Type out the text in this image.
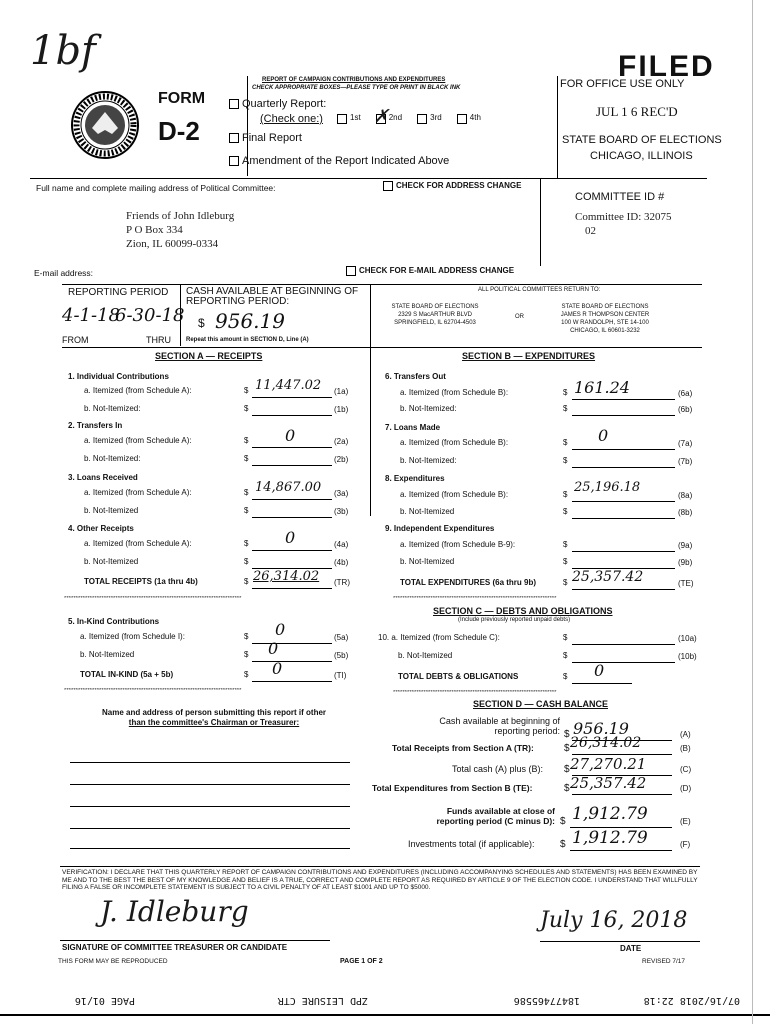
1bf
FORM
D-2
REPORT OF CAMPAIGN CONTRIBUTIONS AND EXPENDITURES
CHECK APPROPRIATE BOXES—PLEASE TYPE OR PRINT IN BLACK INK
Quarterly Report:
(Check one:)	$^{1st}$ ✗ $^{2nd}$	$^{3rd}$	$^{4th}$
Final Report
Amendment of the Report Indicated Above
FILED
FOR OFFICE USE ONLY
JUL 1 6 REC'D
STATE BOARD OF ELECTIONS
CHICAGO, ILLINOIS
Full name and complete mailing address of Political Committee:	CHECK FOR ADDRESS CHANGE
Friends of John Idleburg
P O Box 334
Zion, IL 60099-0334
COMMITTEE ID #
Committee ID: 32075
02
E-mail address:	CHECK FOR E-MAIL ADDRESS CHANGE
REPORTING PERIOD
4-1-18
6-30-18
FROM	THRU
CASH AVAILABLE AT BEGINNING OF REPORTING PERIOD:
$ 956.19
Repeat this amount in SECTION D, Line (A)
ALL POLITICAL COMMITTEES RETURN TO:
STATE BOARD OF ELECTIONS
2329 S MacARTHUR BLVD
SPRINGFIELD, IL 62704-4503
OR
STATE BOARD OF ELECTIONS
JAMES R THOMPSON CENTER
100 W RANDOLPH, STE 14-100
CHICAGO, IL 60601-3232
SECTION A — RECEIPTS
1. Individual Contributions
a. Itemized (from Schedule A):	$ 11,447.02 (1a)
b. Not-Itemized:	$	(1b)
2. Transfers In
a. Itemized (from Schedule A):	$ 0	(2a)
b. Not-Itemized:	$	(2b)
3. Loans Received
a. Itemized (from Schedule A):	$ 14,867.00 (3a)
b. Not-Itemized	$	(3b)
4. Other Receipts
a. Itemized (from Schedule A):	$ 0	(4a)
b. Not-Itemized	$	(4b)
TOTAL RECEIPTS (1a thru 4b)	$ 26,314.02 (TR)
****************************************************************************
5. In-Kind Contributions
a. Itemized (from Schedule I):	$ 0	(5a)
b. Not-Itemized	$ 0	(5b)
TOTAL IN-KIND (5a + 5b)	$ 0	(TI)
****************************************************************************
Name and address of person submitting this report if other
than the committee's Chairman or Treasurer:
SECTION B — EXPENDITURES
6. Transfers Out
a. Itemized (from Schedule B):	$ 161.24	(6a)
b. Not-Itemized:	$	(6b)
7. Loans Made
a. Itemized (from Schedule B):	$ 0	(7a)
b. Not-Itemized:	$	(7b)
8. Expenditures
a. Itemized (from Schedule B):	$ 25,196.18
(8a)
b. Not-Itemized	$	(8b)
9. Independent Expenditures
a. Itemized (from Schedule B-9):	$	(9a)
b. Not-Itemized	$	(9b)
TOTAL EXPENDITURES (6a thru 9b)	$ 25,357.42	(TE)
**********************************************************************
SECTION C — DEBTS AND OBLIGATIONS
(Include previously reported unpaid debts)
10. a. Itemized (from Schedule C):	$	(10a)
b. Not-Itemized	$	(10b)
TOTAL DEBTS & OBLIGATIONS	$ 0
**********************************************************************
SECTION D — CASH BALANCE
Cash available at beginning of
reporting period: $ 956.19	(A)
Total Receipts from Section A (TR):	$ 26,314.02	(B)
Total cash (A) plus (B): $ 27,270.21	(C)
Total Expenditures from Section B (TE):	$ 25,357.42	(D)
Funds available at close of
reporting period (C minus D): $ 1,912.79	(E)
Investments total (if applicable):	$ 1,912.79	(F)
VERIFICATION: I DECLARE THAT THIS QUARTERLY REPORT OF CAMPAIGN CONTRIBUTIONS AND EXPENDITURES (INCLUDING ACCOMPANYING SCHEDULES AND STATEMENTS) HAS BEEN EXAMINED BY ME AND TO THE BEST THE BEST OF MY KNOWLEDGE AND BELIEF IS A TRUE, CORRECT AND COMPLETE REPORT AS REQUIRED BY ARTICLE 9 OF THE ELECTION CODE. I UNDERSTAND THAT WILLFULLY FILING A FALSE OR INCOMPLETE STATEMENT IS SUBJECT TO A CIVIL PENALTY OF AT LEAST $1001 AND UP TO $5000.
J. Idleburg
SIGNATURE OF COMMITTEE TREASURER OR CANDIDATE
July 16, 2018
DATE
THIS FORM MAY BE REPRODUCED	PAGE 1 OF 2	REVISED 7/17
07/16/2018 22:18
18477465586
ZPD LEISURE CTR
PAGE 01/16
